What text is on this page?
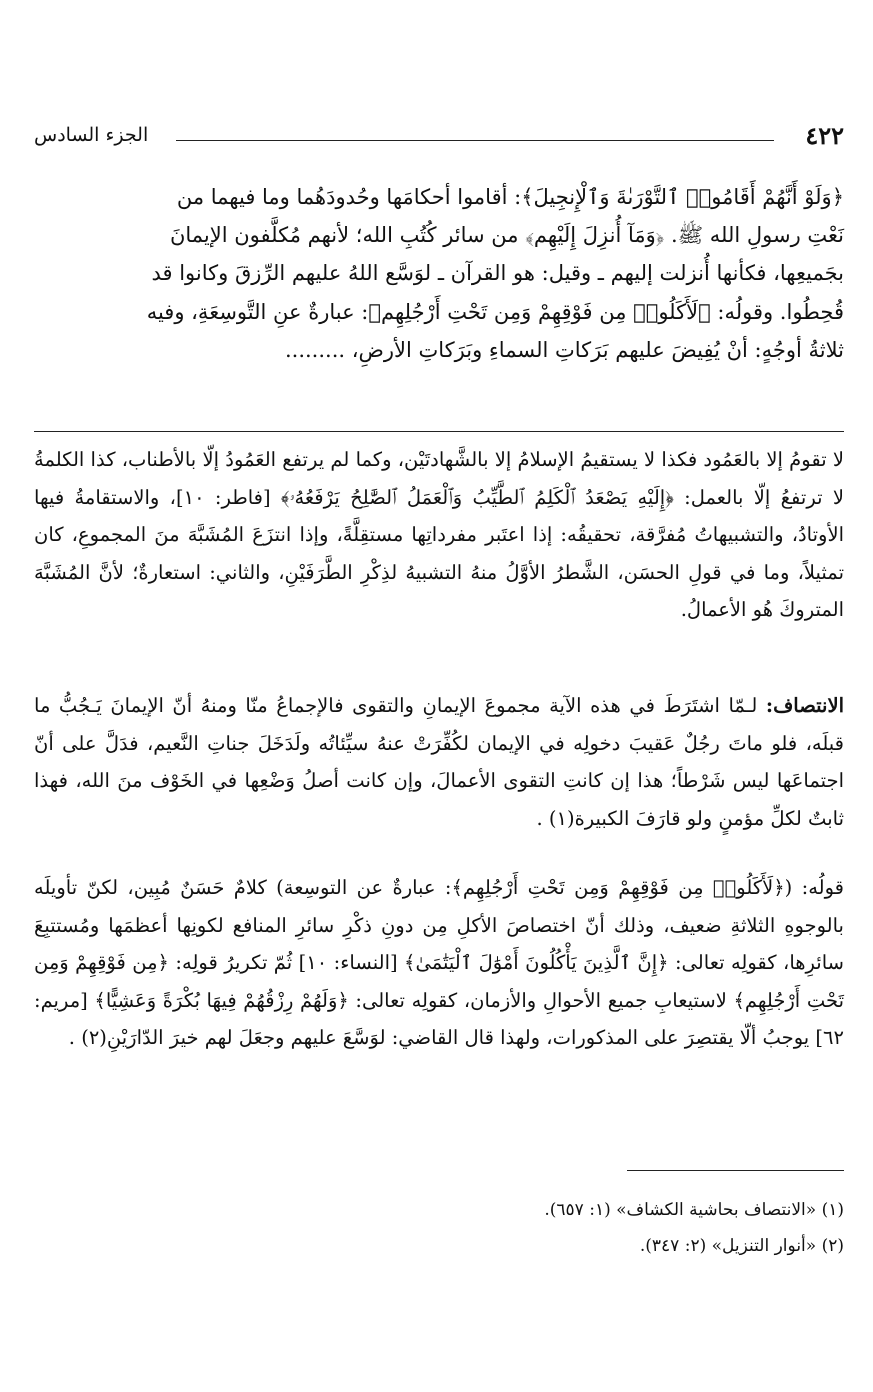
٤٢٢
الجزء السادس

﴿وَلَوْ أَنَّهُمْ أَقَامُوا۟ ٱلتَّوْرَىٰةَ وَٱلْإِنجِيلَ﴾: أقاموا أحكامَها وحُدودَهُما وما فيهما من

نَعْتِ رسولِ الله ﷺ. ﴿وَمَآ أُنزِلَ إِلَيْهِم﴾ من سائر كُتُبِ الله؛ لأنهم مُكلَّفون الإيمانَ

بجَميعِها، فكأنها أُنزلت إليهم ـ وقيل: هو القرآن ـ لوَسَّع اللهُ عليهم الرِّزقَ وكانوا قد

قُحِطُوا. وقولُه: ﴿لَأَكَلُوا۟ مِن فَوْقِهِمْ وَمِن تَحْتِ أَرْجُلِهِم﴾: عبارةٌ عنِ التَّوسِعَةِ، وفيه

ثلاثةُ أوجُهٍ: أنْ يُفِيضَ عليهم بَرَكاتِ السماءِ وبَرَكاتِ الأرضِ، .........

لا تقومُ إلا بالعَمُود فكذا لا يستقيمُ الإسلامُ إلا بالشَّهادتَيْن، وكما لم يرتفع العَمُودُ إلّا بالأطناب، كذا الكلمةُ لا ترتفعُ إلّا بالعمل: ﴿إِلَيْهِ يَصْعَدُ ٱلْكَلِمُ ٱلطَّيِّبُ وَٱلْعَمَلُ ٱلصَّٰلِحُ يَرْفَعُهُۥ﴾ [فاطر: ١٠]، والاستقامةُ فيها الأوتادُ، والتشبيهاتُ مُفرَّقة، تحقيقُه: إذا اعتَبر مفرداتِها مستقِلَّةً، وإذا انتزَعَ المُشَبَّهَ منَ المجموعِ، كان تمثيلاً، وما في قولِ الحسَن، الشَّطرُ الأوَّلُ منهُ التشبيهُ لذِكْرِ الطَّرَفَيْنِ، والثاني: استعارةٌ؛ لأنَّ المُشَبَّهَ المتروكَ هُو الأعمالُ.

الانتصاف: لـمّا اشتَرَطَ في هذه الآية مجموعَ الإيمانِ والتقوى فالإجماعُ منّا ومنهُ أنّ الإيمانَ يَـجُبُّ ما قبلَه، فلو ماتَ رجُلٌ عَقيبَ دخولِه في الإيمان لكُفِّرَتْ عنهُ سيِّئاتُه ولَدَخَلَ جناتِ النَّعيم، فدَلَّ على أنّ اجتماعَها ليس شَرْطاً؛ هذا إن كانتِ التقوى الأعمالَ، وإن كانت أصلُ وَضْعِها في الخَوْف منَ الله، فهذا ثابتٌ لكلِّ مؤمنٍ ولو قارَفَ الكبيرة(١) .

قولُه: (﴿لَأَكَلُوا۟ مِن فَوْقِهِمْ وَمِن تَحْتِ أَرْجُلِهِم﴾: عبارةٌ عن التوسِعة) كلامٌ حَسَنٌ مُبِين، لكنّ تأويلَه بالوجوهِ الثلاثةِ ضعيف، وذلك أنّ اختصاصَ الأكلِ مِن دونِ ذكْرِ سائرِ المنافع لكونِها أعظمَها ومُستتبِعَ سائرِها، كقولِه تعالى: ﴿إِنَّ ٱلَّذِينَ يَأْكُلُونَ أَمْوَٰلَ ٱلْيَتَٰمَىٰ﴾ [النساء: ١٠] ثُمّ تكريرُ قولِه: ﴿مِن فَوْقِهِمْ وَمِن تَحْتِ أَرْجُلِهِم﴾ لاستيعابِ جميع الأحوالِ والأزمان، كقولِه تعالى: ﴿وَلَهُمْ رِزْقُهُمْ فِيهَا بُكْرَةً وَعَشِيًّا﴾ [مريم: ٦٢] يوجبُ ألّا يقتصِرَ على المذكورات، ولهذا قال القاضي: لوَسَّعَ عليهم وجعَلَ لهم خيرَ الدّارَيْنِ(٢) .

(١) «الانتصاف بحاشية الكشاف» (١: ٦٥٧).

(٢) «أنوار التنزيل» (٢: ٣٤٧).
